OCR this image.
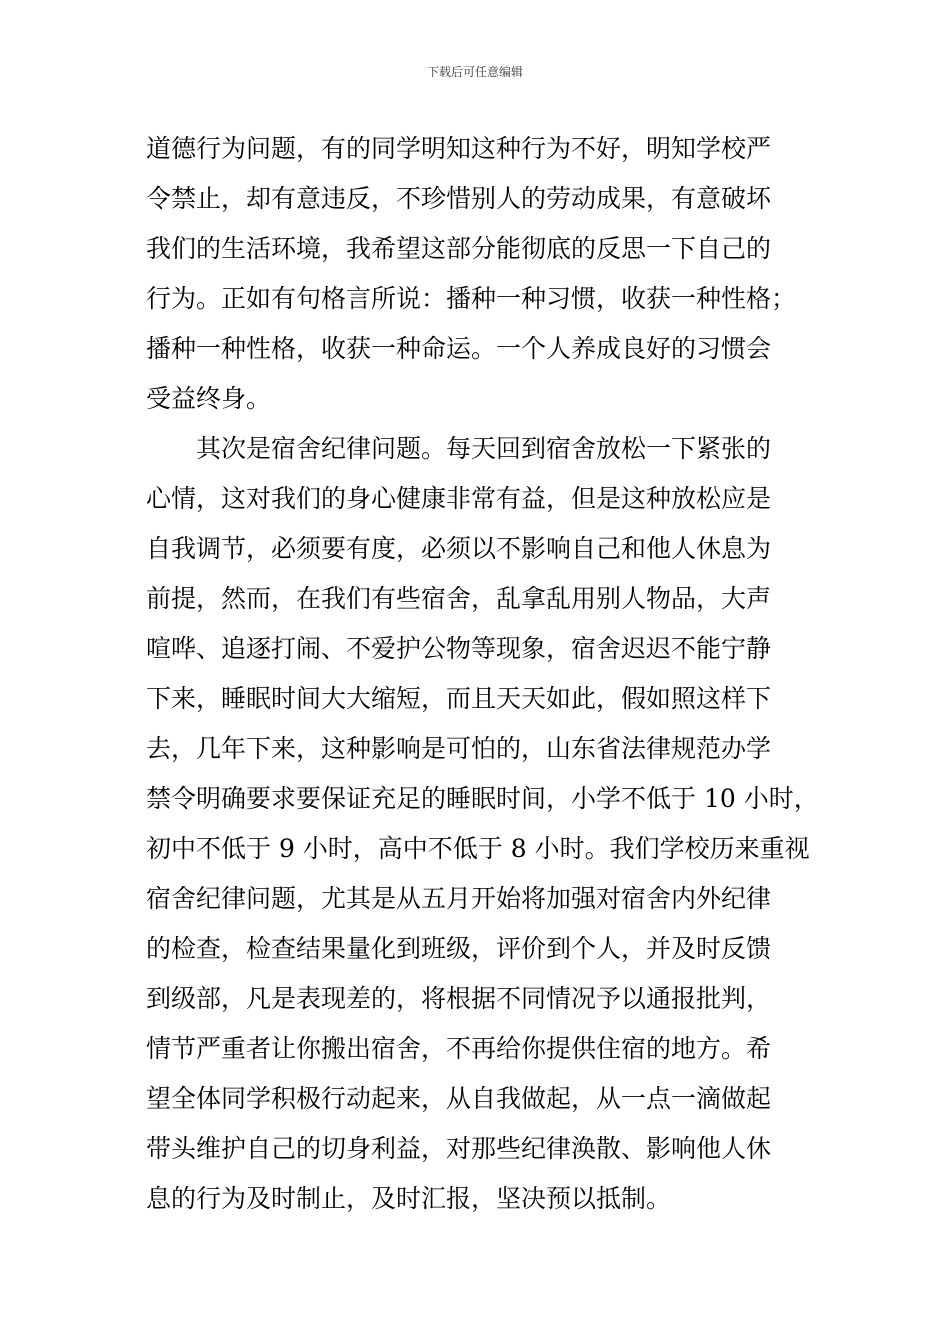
下载后可任意编辑
道德行为问题，有的同学明知这种行为不好，明知学校严
令禁止，却有意违反，不珍惜别人的劳动成果，有意破坏
我们的生活环境，我希望这部分能彻底的反思一下自己的
行为。正如有句格言所说：播种一种习惯，收获一种性格；
播种一种性格，收获一种命运。一个人养成良好的习惯会
受益终身。
其次是宿舍纪律问题。每天回到宿舍放松一下紧张的
心情，这对我们的身心健康非常有益，但是这种放松应是
自我调节，必须要有度，必须以不影响自己和他人休息为
前提，然而，在我们有些宿舍，乱拿乱用别人物品，大声
喧哗、追逐打闹、不爱护公物等现象，宿舍迟迟不能宁静
下来，睡眠时间大大缩短，而且天天如此，假如照这样下
去，几年下来，这种影响是可怕的，山东省法律规范办学
禁令明确要求要保证充足的睡眠时间，小学不低于 10 小时，
初中不低于 9 小时，高中不低于 8 小时。我们学校历来重视
宿舍纪律问题，尤其是从五月开始将加强对宿舍内外纪律
的检查，检查结果量化到班级，评价到个人，并及时反馈
到级部，凡是表现差的，将根据不同情况予以通报批判，
情节严重者让你搬出宿舍，不再给你提供住宿的地方。希
望全体同学积极行动起来，从自我做起，从一点一滴做起
带头维护自己的切身利益，对那些纪律涣散、影响他人休
息的行为及时制止，及时汇报，坚决预以抵制。
